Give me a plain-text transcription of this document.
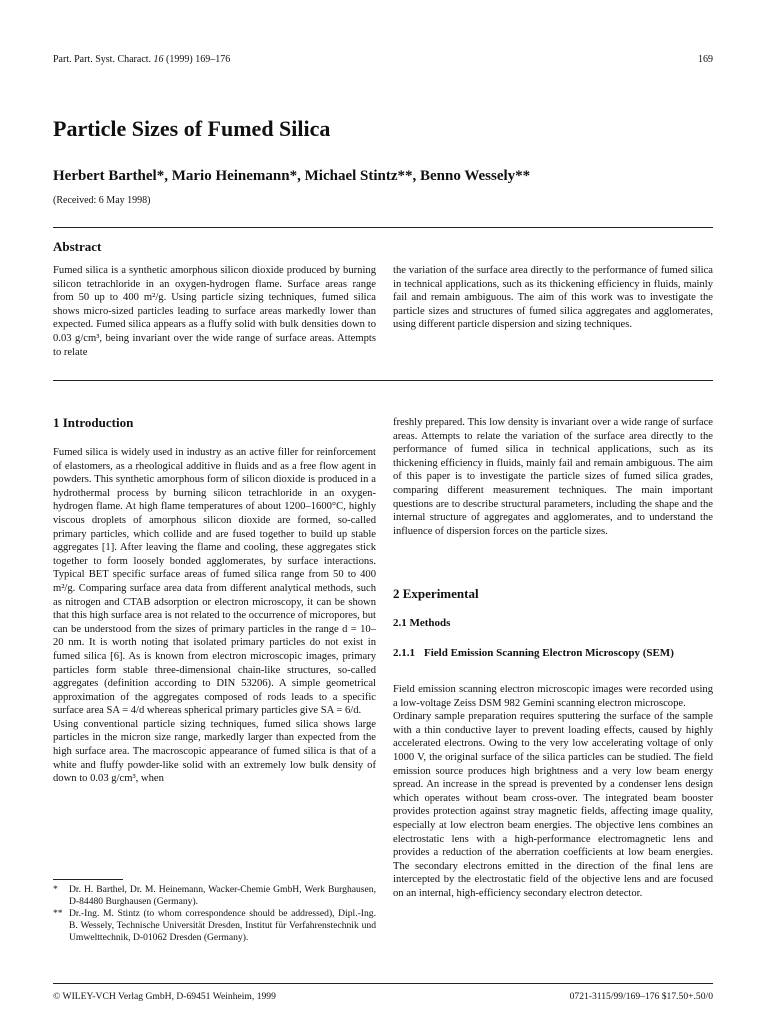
Part. Part. Syst. Charact. 16 (1999) 169–176	169
Particle Sizes of Fumed Silica
Herbert Barthel*, Mario Heinemann*, Michael Stintz**, Benno Wessely**
(Received: 6 May 1998)
Abstract

Fumed silica is a synthetic amorphous silicon dioxide produced by burning silicon tetrachloride in an oxygen-hydrogen flame. Surface areas range from 50 up to 400 m²/g. Using particle sizing techniques, fumed silica shows micro-sized particles leading to surface areas markedly lower than expected. Fumed silica appears as a fluffy solid with bulk densities down to 0.03 g/cm³, being invariant over the wide range of surface areas. Attempts to relate

the variation of the surface area directly to the performance of fumed silica in technical applications, such as its thickening efficiency in fluids, mainly fail and remain ambiguous. The aim of this work was to investigate the particle sizes and structures of fumed silica aggregates and agglomerates, using different particle dispersion and sizing techniques.

1 Introduction

Fumed silica is widely used in industry as an active filler for reinforcement of elastomers, as a rheological additive in fluids and as a free flow agent in powders. This synthetic amorphous form of silicon dioxide is produced in a hydrothermal process by burning silicon tetrachloride in an oxygen-hydrogen flame. At high flame temperatures of about 1200–1600°C, highly viscous droplets of amorphous silicon dioxide are formed, so-called primary particles, which collide and are fused together to build up stable aggregates [1]. After leaving the flame and cooling, these aggregates stick together to form loosely bonded agglomerates, by surface interactions. Typical BET specific surface areas of fumed silica range from 50 to 400 m²/g. Comparing surface area data from different analytical methods, such as nitrogen and CTAB adsorption or electron microscopy, it can be shown that this high surface area is not related to the occurrence of micropores, but can be understood from the sizes of primary particles in the range d = 10–20 nm. It is worth noting that isolated primary particles do not exist in fumed silica [6]. As is known from electron microscopic images, primary particles form stable three-dimensional chain-like structures, so-called aggregates (definition according to DIN 53206). A simple geometrical approximation of the aggregates composed of rods leads to a specific surface area SA = 4/d whereas spherical primary particles give SA = 6/d.

Using conventional particle sizing techniques, fumed silica shows large particles in the micron size range, markedly larger than expected from the high surface area. The macroscopic appearance of fumed silica is that of a white and fluffy powder-like solid with an extremely low bulk density of down to 0.03 g/cm³, when

freshly prepared. This low density is invariant over a wide range of surface areas. Attempts to relate the variation of the surface area directly to the performance of fumed silica in technical applications, such as its thickening efficiency in fluids, mainly fail and remain ambiguous. The aim of this paper is to investigate the particle sizes of fumed silica grades, comparing different measurement techniques. The main important questions are to describe structural parameters, including the shape and the internal structure of aggregates and agglomerates, and to understand the influence of dispersion forces on the particle sizes.

2 Experimental
2.1 Methods
2.1.1 Field Emission Scanning Electron Microscopy (SEM)

Field emission scanning electron microscopic images were recorded using a low-voltage Zeiss DSM 982 Gemini scanning electron microscope.

Ordinary sample preparation requires sputtering the surface of the sample with a thin conductive layer to prevent loading effects, caused by highly accelerated electrons. Owing to the very low accelerating voltage of only 1000 V, the original surface of the silica particles can be studied. The field emission source produces high brightness and a very low beam energy spread. An increase in the spread is prevented by a condenser lens design which operates without beam cross-over. The integrated beam booster provides protection against stray magnetic fields, affecting image quality, especially at low electron beam energies. The objective lens combines an electrostatic lens with a high-performance electromagnetic lens and provides a reduction of the aberration coefficients at low beam energies. The secondary electrons emitted in the direction of the final lens are intercepted by the electrostatic field of the objective lens and are focused on an internal, high-efficiency secondary electron detector.

*	Dr. H. Barthel, Dr. M. Heinemann, Wacker-Chemie GmbH, Werk Burghausen, D-84480 Burghausen (Germany).
** Dr.-Ing. M. Stintz (to whom correspondence should be addressed), Dipl.-Ing. B. Wessely, Technische Universität Dresden, Institut für Verfahrenstechnik und Umwelttechnik, D-01062 Dresden (Germany).
© WILEY-VCH Verlag GmbH, D-69451 Weinheim, 1999	0721-3115/99/169–176 $17.50+.50/0
